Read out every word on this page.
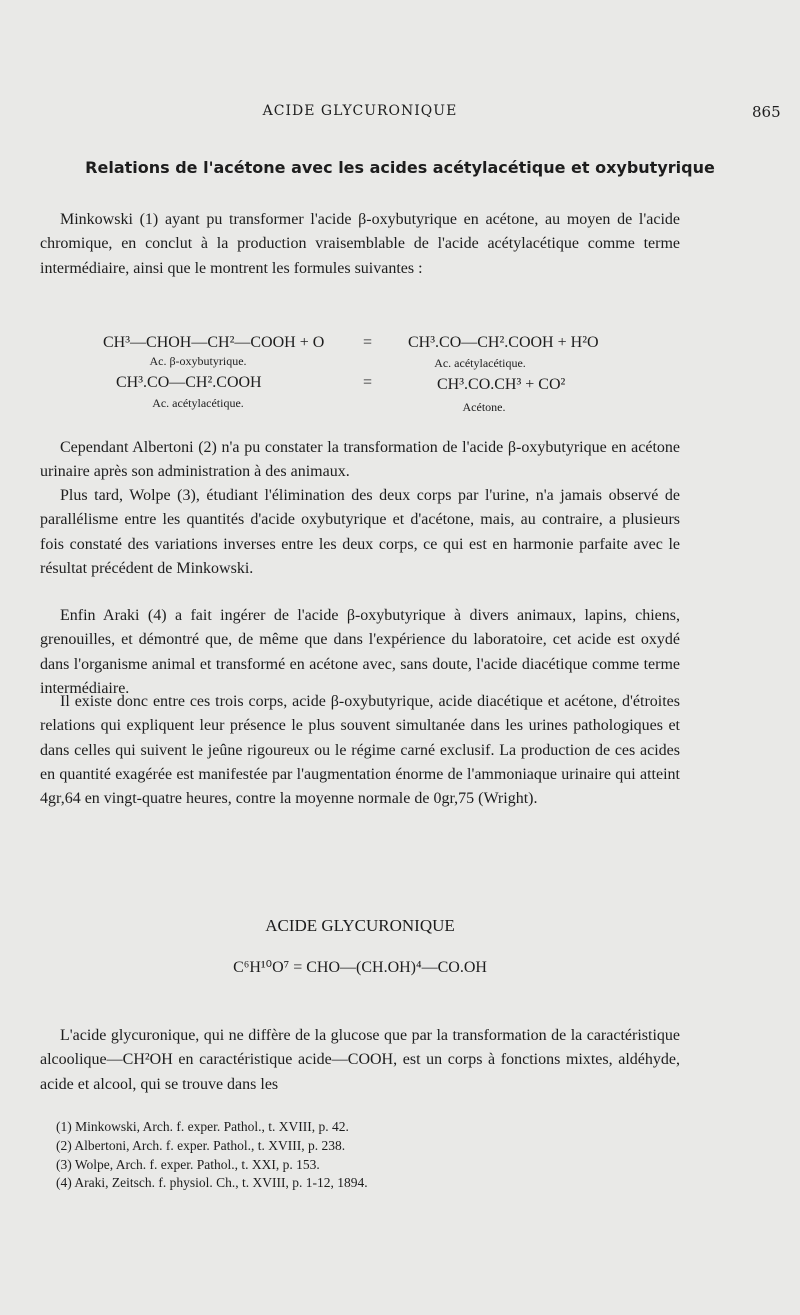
ACIDE GLYCURONIQUE	865
Relations de l'acétone avec les acides acétylacétique et oxybutyrique

Minkowski (1) ayant pu transformer l'acide β-oxybutyrique en acétone, au moyen de l'acide chromique, en conclut à la production vraisemblable de l'acide acétylacétique comme terme intermédiaire, ainsi que le montrent les formules suivantes :

CH³—CHOH—CH²—COOH + O = CH³.CO—CH².COOH + H²O
Ac. β-oxybutyrique.	Ac. acétylacétique.
CH³.CO—CH².COOH	=	CH³.CO.CH³ + CO²
Ac. acétylacétique.	Acétone.

Cependant Albertoni (2) n'a pu constater la transformation de l'acide β-oxybutyrique en acétone urinaire après son administration à des animaux.

Plus tard, Wolpe (3), étudiant l'élimination des deux corps par l'urine, n'a jamais observé de parallélisme entre les quantités d'acide oxybutyrique et d'acétone, mais, au contraire, a plusieurs fois constaté des variations inverses entre les deux corps, ce qui est en harmonie parfaite avec le résultat précédent de Minkowski.

Enfin Araki (4) a fait ingérer de l'acide β-oxybutyrique à divers animaux, lapins, chiens, grenouilles, et démontré que, de même que dans l'expérience du laboratoire, cet acide est oxydé dans l'organisme animal et transformé en acétone avec, sans doute, l'acide diacétique comme terme intermédiaire.

Il existe donc entre ces trois corps, acide β-oxybutyrique, acide diacétique et acétone, d'étroites relations qui expliquent leur présence le plus souvent simultanée dans les urines pathologiques et dans celles qui suivent le jeûne rigoureux ou le régime carné exclusif. La production de ces acides en quantité exagérée est manifestée par l'augmentation énorme de l'ammoniaque urinaire qui atteint 4gr,64 en vingt-quatre heures, contre la moyenne normale de 0gr,75 (Wright).

ACIDE GLYCURONIQUE
C⁶H¹⁰O⁷ = CHO—(CH.OH)⁴—CO.OH

L'acide glycuronique, qui ne diffère de la glucose que par la transformation de la caractéristique alcoolique—CH²OH en caractéristique acide—COOH, est un corps à fonctions mixtes, aldéhyde, acide et alcool, qui se trouve dans les

(1) Minkowski, Arch. f. exper. Pathol., t. XVIII, p. 42.

(2) Albertoni, Arch. f. exper. Pathol., t. XVIII, p. 238.

(3) Wolpe, Arch. f. exper. Pathol., t. XXI, p. 153.

(4) Araki, Zeitsch. f. physiol. Ch., t. XVIII, p. 1-12, 1894.
